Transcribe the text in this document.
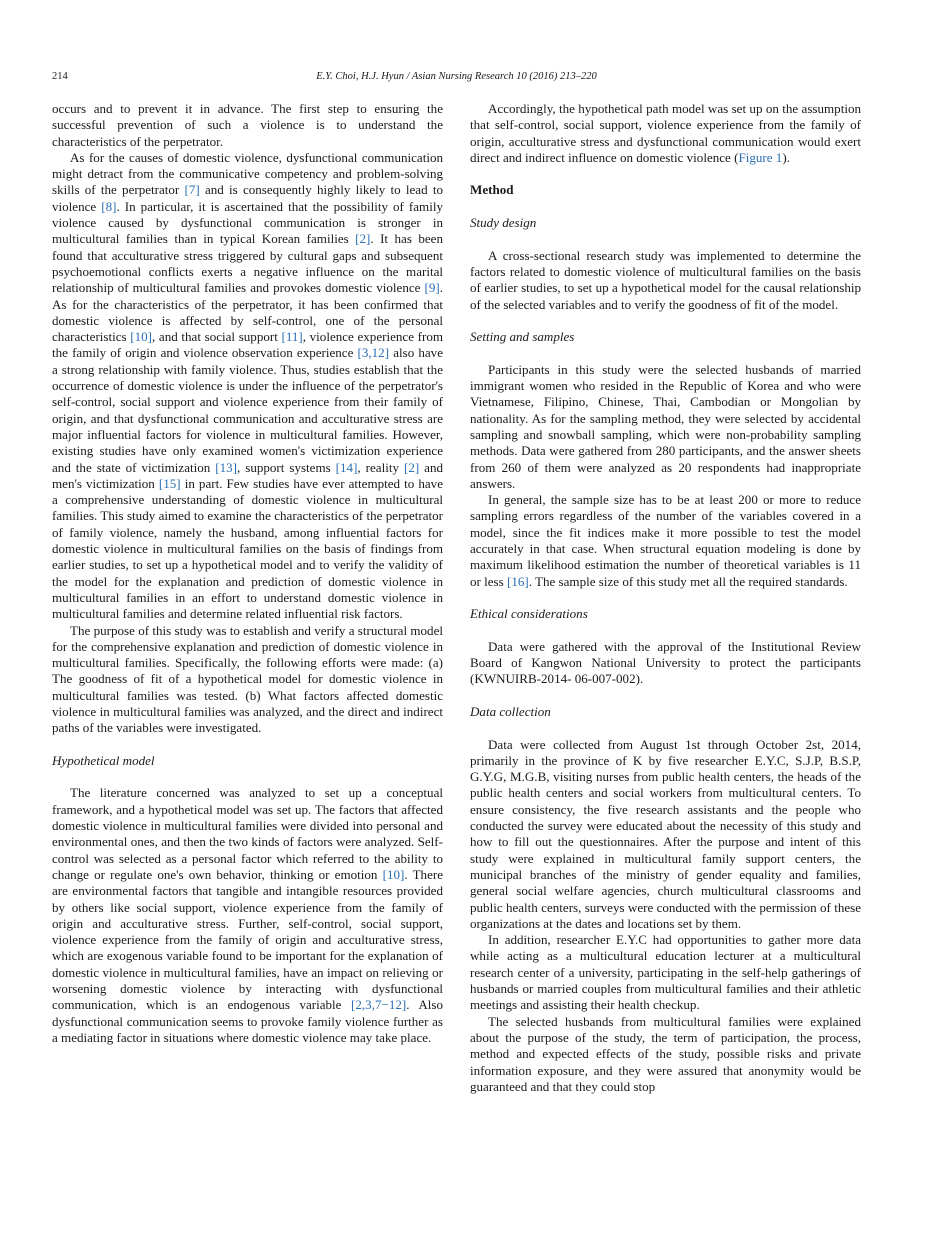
214	E.Y. Choi, H.J. Hyun / Asian Nursing Research 10 (2016) 213–220

occurs and to prevent it in advance. The first step to ensuring the successful prevention of such a violence is to understand the characteristics of the perpetrator.

As for the causes of domestic violence, dysfunctional communication might detract from the communicative competency and problem-solving skills of the perpetrator [7] and is consequently highly likely to lead to violence [8]. In particular, it is ascertained that the possibility of family violence caused by dysfunctional communication is stronger in multicultural families than in typical Korean families [2]. It has been found that acculturative stress triggered by cultural gaps and subsequent psychoemotional conflicts exerts a negative influence on the marital relationship of multicultural families and provokes domestic violence [9]. As for the characteristics of the perpetrator, it has been confirmed that domestic violence is affected by self-control, one of the personal characteristics [10], and that social support [11], violence experience from the family of origin and violence observation experience [3,12] also have a strong relationship with family violence. Thus, studies establish that the occurrence of domestic violence is under the influence of the perpetrator's self-control, social support and violence experience from their family of origin, and that dysfunctional communication and acculturative stress are major influential factors for violence in multicultural families. However, existing studies have only examined women's victimization experience and the state of victimization [13], support systems [14], reality [2] and men's victimization [15] in part. Few studies have ever attempted to have a comprehensive understanding of domestic violence in multicultural families. This study aimed to examine the characteristics of the perpetrator of family violence, namely the husband, among influential factors for domestic violence in multicultural families on the basis of findings from earlier studies, to set up a hypothetical model and to verify the validity of the model for the explanation and prediction of domestic violence in multicultural families in an effort to understand domestic violence in multicultural families and determine related influential risk factors.

The purpose of this study was to establish and verify a structural model for the comprehensive explanation and prediction of domestic violence in multicultural families. Specifically, the following efforts were made: (a) The goodness of fit of a hypothetical model for domestic violence in multicultural families was tested. (b) What factors affected domestic violence in multicultural families was analyzed, and the direct and indirect paths of the variables were investigated.

Hypothetical model

The literature concerned was analyzed to set up a conceptual framework, and a hypothetical model was set up. The factors that affected domestic violence in multicultural families were divided into personal and environmental ones, and then the two kinds of factors were analyzed. Self-control was selected as a personal factor which referred to the ability to change or regulate one's own behavior, thinking or emotion [10]. There are environmental factors that tangible and intangible resources provided by others like social support, violence experience from the family of origin and acculturative stress. Further, self-control, social support, violence experience from the family of origin and acculturative stress, which are exogenous variable found to be important for the explanation of domestic violence in multicultural families, have an impact on relieving or worsening domestic violence by interacting with dysfunctional communication, which is an endogenous variable [2,3,7−12]. Also dysfunctional communication seems to provoke family violence further as a mediating factor in situations where domestic violence may take place.

Accordingly, the hypothetical path model was set up on the assumption that self-control, social support, violence experience from the family of origin, acculturative stress and dysfunctional communication would exert direct and indirect influence on domestic violence (Figure 1).

Method
Study design

A cross-sectional research study was implemented to determine the factors related to domestic violence of multicultural families on the basis of earlier studies, to set up a hypothetical model for the causal relationship of the selected variables and to verify the goodness of fit of the model.

Setting and samples

Participants in this study were the selected husbands of married immigrant women who resided in the Republic of Korea and who were Vietnamese, Filipino, Chinese, Thai, Cambodian or Mongolian by nationality. As for the sampling method, they were selected by accidental sampling and snowball sampling, which were non-probability sampling methods. Data were gathered from 280 participants, and the answer sheets from 260 of them were analyzed as 20 respondents had inappropriate answers.

In general, the sample size has to be at least 200 or more to reduce sampling errors regardless of the number of the variables covered in a model, since the fit indices make it more possible to test the model accurately in that case. When structural equation modeling is done by maximum likelihood estimation the number of theoretical variables is 11 or less [16]. The sample size of this study met all the required standards.

Ethical considerations

Data were gathered with the approval of the Institutional Review Board of Kangwon National University to protect the participants (KWNUIRB-2014- 06-007-002).

Data collection

Data were collected from August 1st through October 2st, 2014, primarily in the province of K by five researcher E.Y.C, S.J.P, B.S.P, G.Y.G, M.G.B, visiting nurses from public health centers, the heads of the public health centers and social workers from multicultural centers. To ensure consistency, the five research assistants and the people who conducted the survey were educated about the necessity of this study and how to fill out the questionnaires. After the purpose and intent of this study were explained in multicultural family support centers, the municipal branches of the ministry of gender equality and families, general social welfare agencies, church multicultural classrooms and public health centers, surveys were conducted with the permission of these organizations at the dates and locations set by them.

In addition, researcher E.Y.C had opportunities to gather more data while acting as a multicultural education lecturer at a multicultural research center of a university, participating in the self-help gatherings of husbands or married couples from multicultural families and their athletic meetings and assisting their health checkup.

The selected husbands from multicultural families were explained about the purpose of the study, the term of participation, the process, method and expected effects of the study, possible risks and private information exposure, and they were assured that anonymity would be guaranteed and that they could stop
